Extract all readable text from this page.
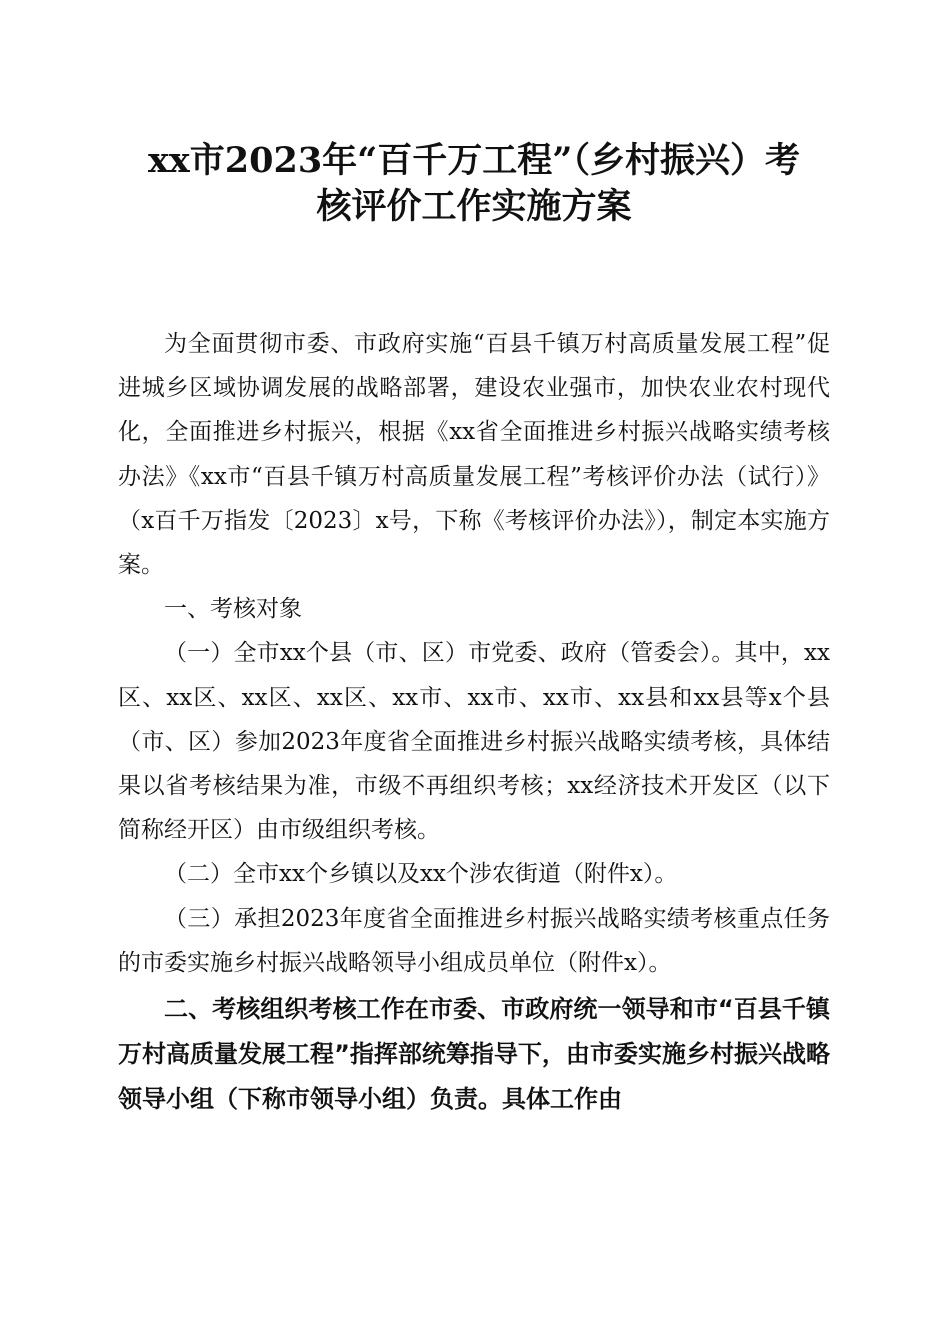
xx市2023年“百千万工程”（乡村振兴）考
核评价工作实施方案

为全面贯彻市委、市政府实施“百县千镇万村高质量发展工程”促进城乡区域协调发展的战略部署，建设农业强市，加快农业农村现代化，全面推进乡村振兴，根据《xx省全面推进乡村振兴战略实绩考核办法》《xx市“百县千镇万村高质量发展工程”考核评价办法（试行）》（x百千万指发〔2023〕x号，下称《考核评价办法》），制定本实施方案。

一、考核对象

（一）全市xx个县（市、区）市党委、政府（管委会）。其中，xx区、xx区、xx区、xx区、xx市、xx市、xx市、xx县和xx县等x个县（市、区）参加2023年度省全面推进乡村振兴战略实绩考核，具体结果以省考核结果为准，市级不再组织考核；xx经济技术开发区（以下简称经开区）由市级组织考核。

（二）全市xx个乡镇以及xx个涉农街道（附件x）。

（三）承担2023年度省全面推进乡村振兴战略实绩考核重点任务的市委实施乡村振兴战略领导小组成员单位（附件x）。

二、考核组织考核工作在市委、市政府统一领导和市“百县千镇万村高质量发展工程”指挥部统筹指导下，由市委实施乡村振兴战略领导小组（下称市领导小组）负责。具体工作由
